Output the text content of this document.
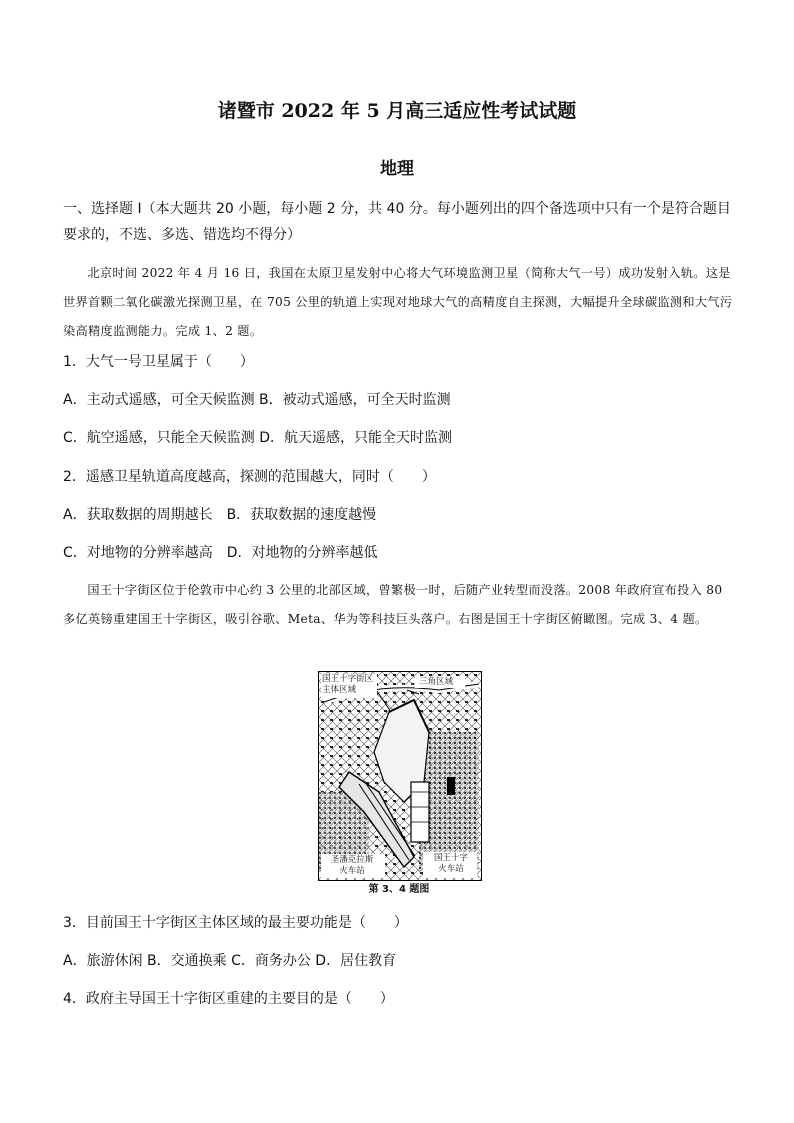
诸暨市 2022 年 5 月高三适应性考试试题
地理
一、选择题 I（本大题共 20 小题，每小题 2 分，共 40 分。每小题列出的四个备选项中只有一个是符合题目要求的，不选、多选、错选均不得分）
北京时间 2022 年 4 月 16 日，我国在太原卫星发射中心将大气环境监测卫星（简称大气一号）成功发射入轨。这是世界首颗二氧化碳激光探测卫星，在 705 公里的轨道上实现对地球大气的高精度自主探测，大幅提升全球碳监测和大气污染高精度监测能力。完成 1、2 题。
1．大气一号卫星属于（　　）
A．主动式遥感，可全天候监测 B．被动式遥感，可全天时监测
C．航空遥感，只能全天候监测 D．航天遥感，只能全天时监测
2．遥感卫星轨道高度越高，探测的范围越大，同时（　　）
A．获取数据的周期越长　B．获取数据的速度越慢
C．对地物的分辨率越高　D．对地物的分辨率越低
国王十字街区位于伦敦市中心约 3 公里的北部区域，曾繁极一时，后随产业转型而没落。2008 年政府宣布投入 80 多亿英镑重建国王十字街区，吸引谷歌、Meta、华为等科技巨头落户。右图是国王十字街区俯瞰图。完成 3、4 题。
国王十字街区
主体区域
三角区域
圣潘克拉斯
火车站
国王十字
火车站
第 3、4 题图
3．目前国王十字街区主体区域的最主要功能是（　　）
A．旅游休闲 B．交通换乘 C．商务办公 D．居住教育
4．政府主导国王十字街区重建的主要目的是（　　）
